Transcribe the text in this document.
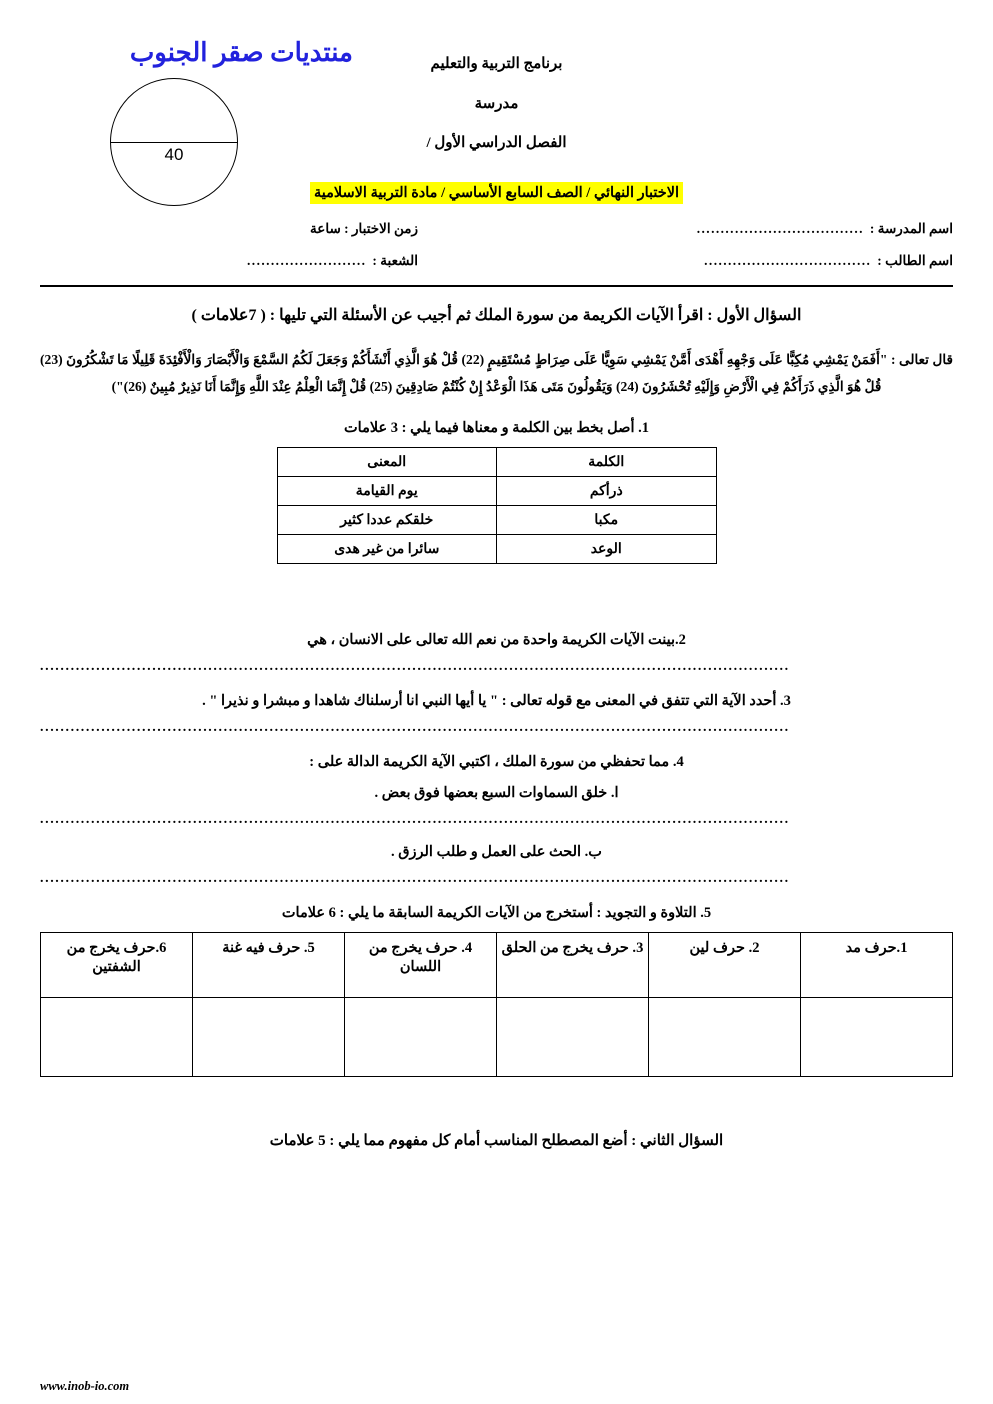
منتديات صقر الجنوب
40
برنامج التربية والتعليم
مدرسة
الفصل الدراسي الأول /
الاختبار النهائي / الصف السابع الأساسي / مادة التربية الاسلامية
اسم المدرسة :
...................................
زمن الاختبار : ساعة
اسم الطالب :
...................................
الشعبة :
.........................
السؤال الأول : اقرأ الآيات الكريمة من سورة الملك ثم أجيب عن الأسئلة التي تليها : ( 7علامات )
قال تعالى : "أَفَمَنْ يَمْشِي مُكِبًّا عَلَى وَجْهِهِ أَهْدَى أَمَّنْ يَمْشِي سَوِيًّا عَلَى صِرَاطٍ مُسْتَقِيمٍ (22) قُلْ هُوَ الَّذِي أَنْشَأَكُمْ وَجَعَلَ لَكُمُ السَّمْعَ وَالْأَبْصَارَ وَالْأَفْئِدَةَ قَلِيلًا مَا تَشْكُرُونَ (23) قُلْ هُوَ الَّذِي ذَرَأَكُمْ فِي الْأَرْضِ وَإِلَيْهِ تُحْشَرُونَ (24) وَيَقُولُونَ مَتَى هَذَا الْوَعْدُ إِنْ كُنْتُمْ صَادِقِينَ (25) قُلْ إِنَّمَا الْعِلْمُ عِنْدَ اللَّهِ وَإِنَّمَا أَنَا نَذِيرٌ مُبِينٌ (26)")
1. أصل بخط بين الكلمة و معناها فيما يلي : 3 علامات
الكلمة	المعنى
ذرأكم	يوم القيامة
مكبا	خلقكم عددا كثير
الوعد	سائرا من غير هدى
2.بينت الآيات الكريمة واحدة من نعم الله تعالى على الانسان ، هي
...................................................................................................................................................
3. أحدد الآية التي تتفق في المعنى مع قوله تعالى : " يا أيها النبي انا أرسلناك شاهدا و مبشرا و نذيرا " .
...................................................................................................................................................
4. مما تحفظي من سورة الملك ، اكتبي الآية الكريمة الدالة على :
ا. خلق السماوات السبع بعضها فوق بعض .
...................................................................................................................................................
ب. الحث على العمل و طلب الرزق .
...................................................................................................................................................
5. التلاوة و التجويد : أستخرج من الآيات الكريمة السابقة ما يلي : 6 علامات
1.حرف مد	2. حرف لين	3. حرف يخرج من الحلق	4. حرف يخرج من اللسان	5. حرف فيه غنة	6.حرف يخرج من الشفتين

السؤال الثاني : أضع المصطلح المناسب أمام كل مفهوم مما يلي : 5 علامات
www.inob-io.com
